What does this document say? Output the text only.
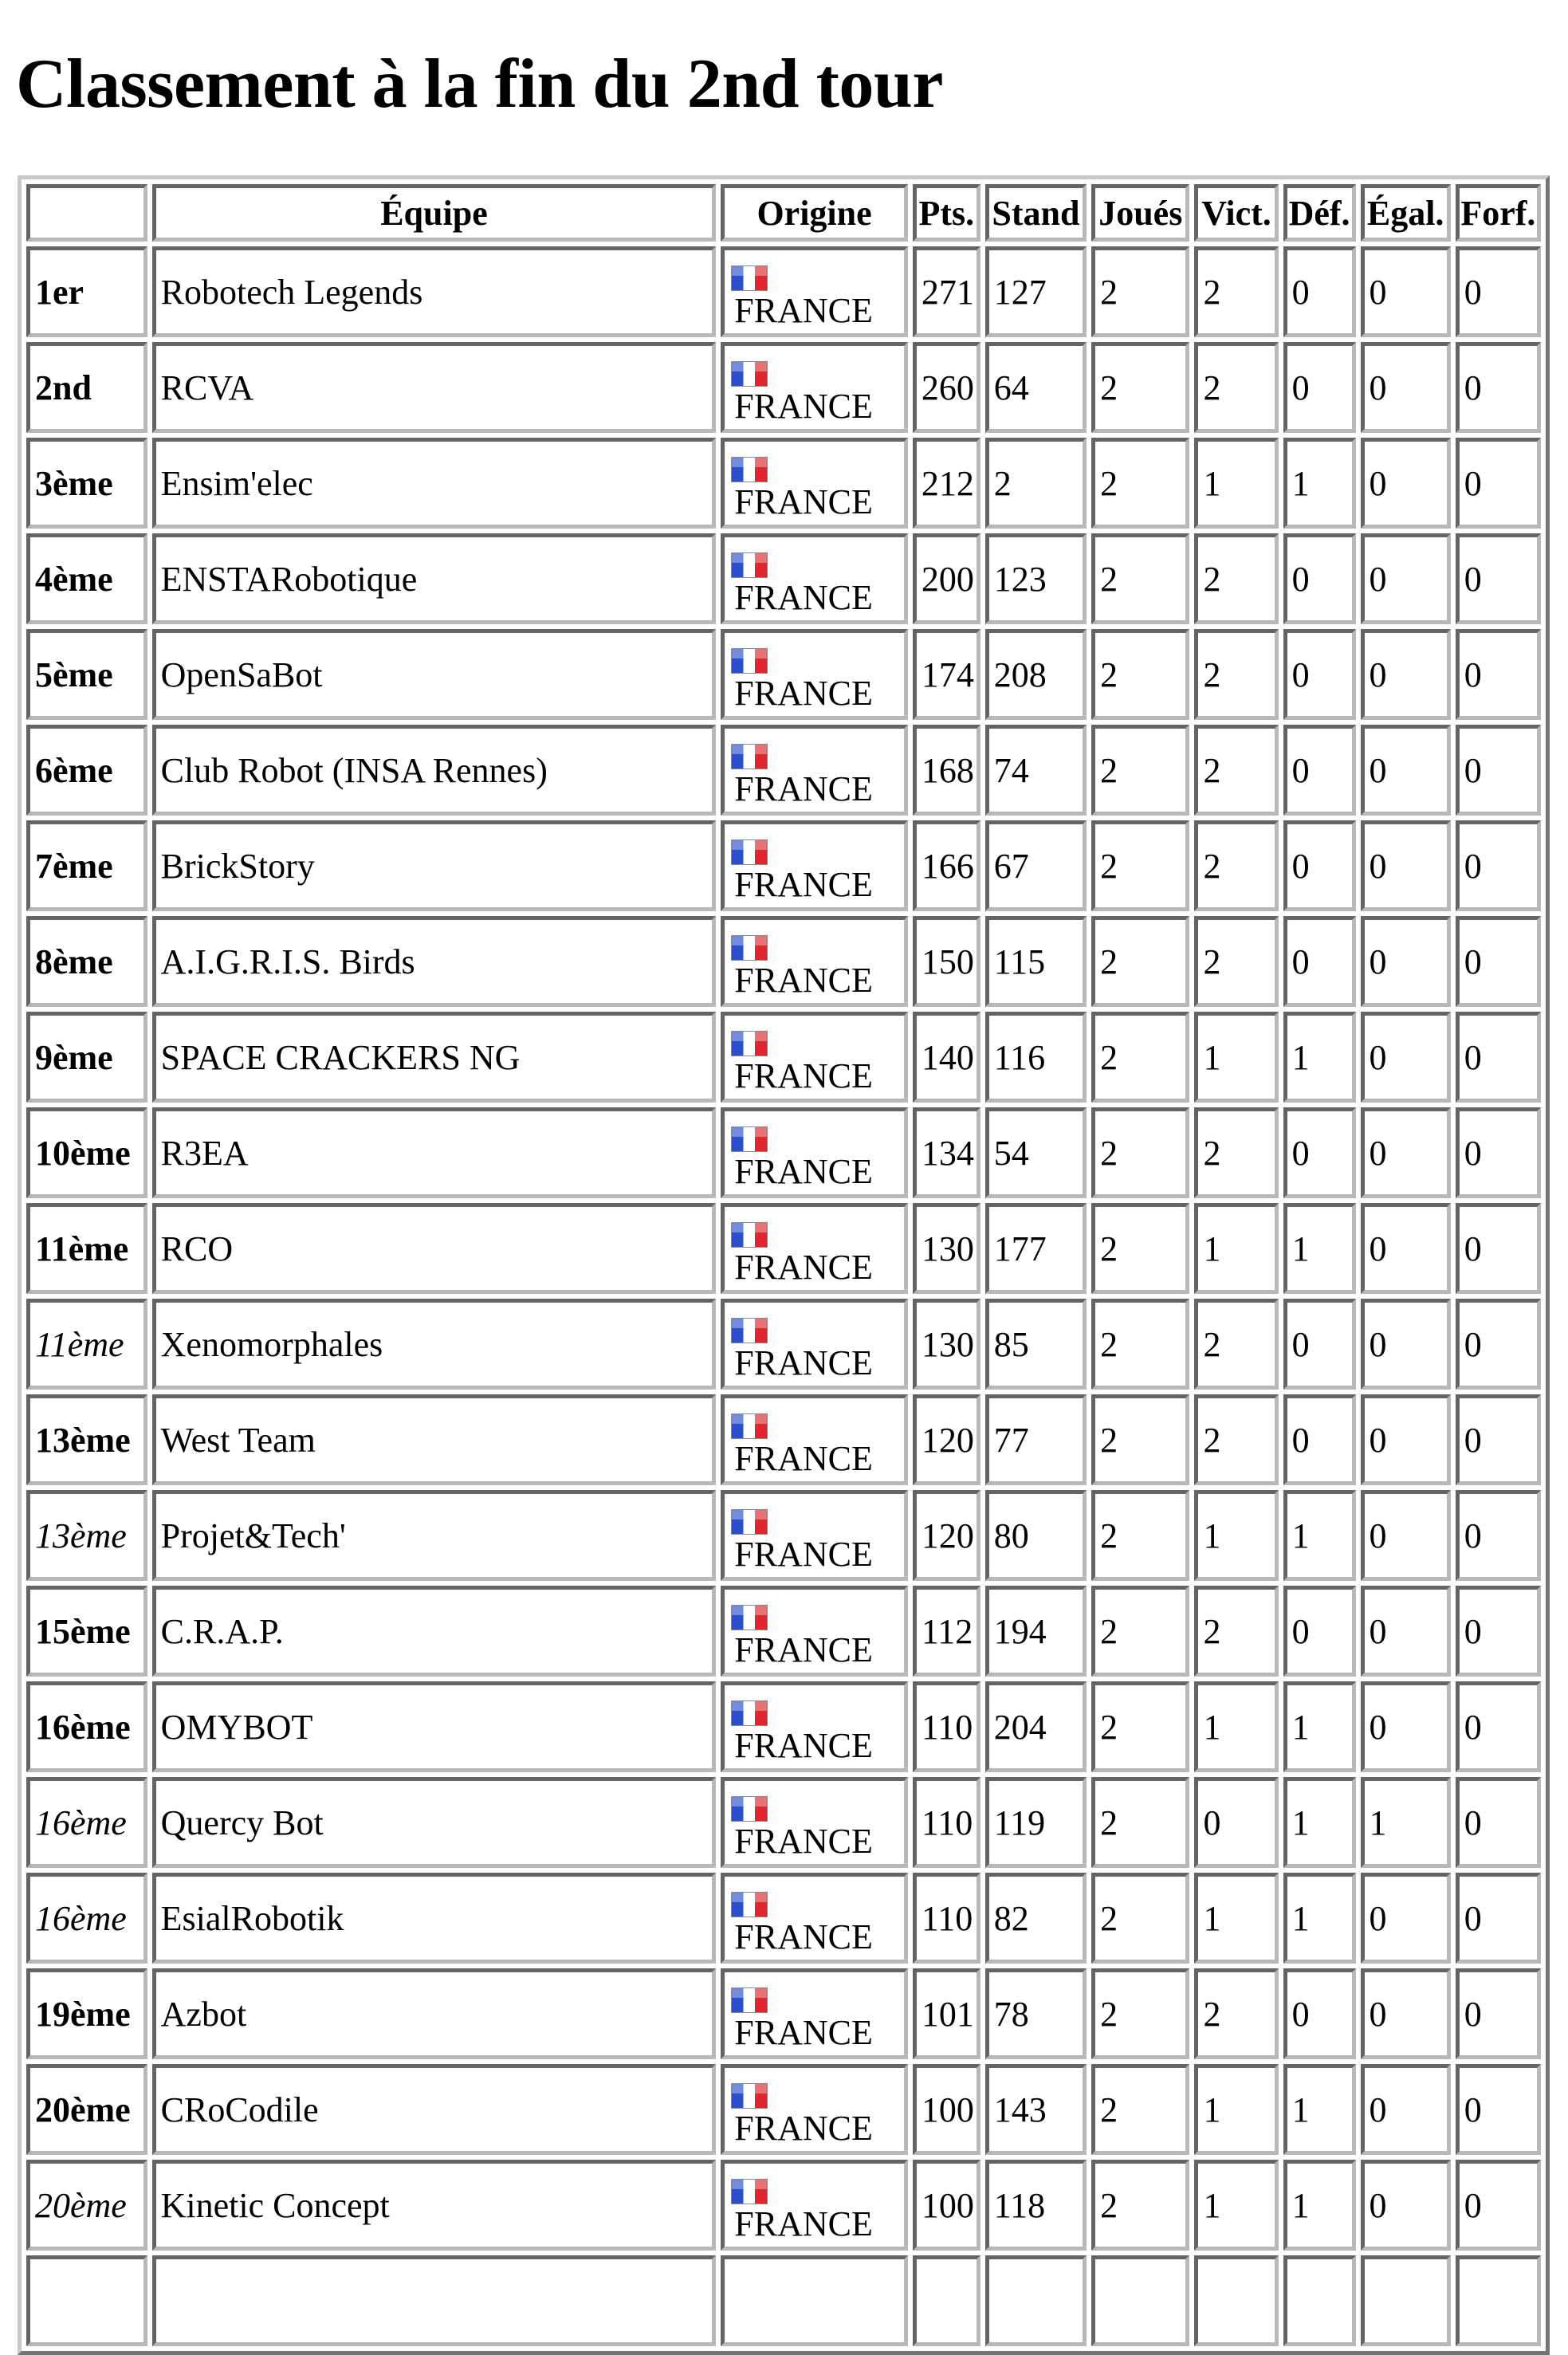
Classement à la fin du 2nd tour
	Équipe	Origine	Pts.	Stand	Joués	Vict.	Déf.	Égal.	Forf.
1er	Robotech Legends	FRANCE	271	127	2	2	0	0	0
2nd	RCVA	FRANCE	260	64	2	2	0	0	0
3ème	Ensim'elec	FRANCE	212	2	2	1	1	0	0
4ème	ENSTARobotique	FRANCE	200	123	2	2	0	0	0
5ème	OpenSaBot	FRANCE	174	208	2	2	0	0	0
6ème	Club Robot (INSA Rennes)	FRANCE	168	74	2	2	0	0	0
7ème	BrickStory	FRANCE	166	67	2	2	0	0	0
8ème	A.I.G.R.I.S. Birds	FRANCE	150	115	2	2	0	0	0
9ème	SPACE CRACKERS NG	FRANCE	140	116	2	1	1	0	0
10ème	R3EA	FRANCE	134	54	2	2	0	0	0
11ème	RCO	FRANCE	130	177	2	1	1	0	0
11ème	Xenomorphales	FRANCE	130	85	2	2	0	0	0
13ème	West Team	FRANCE	120	77	2	2	0	0	0
13ème	Projet&Tech'	FRANCE	120	80	2	1	1	0	0
15ème	C.R.A.P.	FRANCE	112	194	2	2	0	0	0
16ème	OMYBOT	FRANCE	110	204	2	1	1	0	0
16ème	Quercy Bot	FRANCE	110	119	2	0	1	1	0
16ème	EsialRobotik	FRANCE	110	82	2	1	1	0	0
19ème	Azbot	FRANCE	101	78	2	2	0	0	0
20ème	CRoCodile	FRANCE	100	143	2	1	1	0	0
20ème	Kinetic Concept	FRANCE	100	118	2	1	1	0	0
